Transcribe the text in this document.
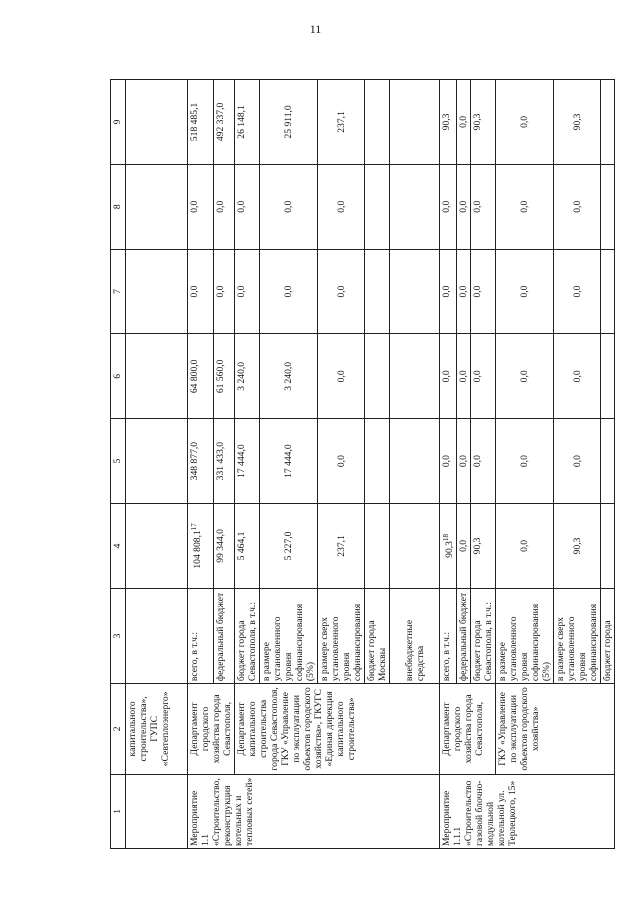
11
1	2	3	4	5	6	7	8	9
	капитального строительства», ГУПС «Севтеплоэнерго»							
Мероприятие 1.1 «Строительство, реконструкция котельных и тепловых сетей»	Департамент городского хозяйства города Севастополя,	всего, в т.ч.:	104 808,1$^{17}$	348 877,0	64 800,0	0,0	0,0	518 485,1
		федеральный бюджет	99 344,0	331 433,0	61 560,0	0,0	0,0	492 337,0
	Департамент капитального строительства города Севастополя, ГКУ «Управление по эксплуатации объектов городского хозяйства», ГКУГС «Единая дирекция капитального строительства»	бюджет города Севастополя, в т.ч.:	5 464,1	17 444,0	3 240,0	0,0	0,0	26 148,1
		в размере установленного уровня софинансирования (5%)	5 227,0	17 444,0	3 240,0	0,0	0,0	25 911,0
		в размере сверх установленного уровня софинансирования	237,1	0,0	0,0	0,0	0,0	237,1
		бюджет города Москвы						
		внебюджетные средства						
Мероприятие 1.1.1 «Строительство газовой блочно-модульной котельной ул. Терлецкого, 15»	Департамент городского хозяйства города Севастополя,	всего, в т.ч.:	90,3$^{18}$	0,0	0,0	0,0	0,0	90,3
		федеральный бюджет	0,0	0,0	0,0	0,0	0,0	0,0
		бюджет города Севастополя, в т.ч.:	90,3	0,0	0,0	0,0	0,0	90,3
	ГКУ «Управление по эксплуатации объектов городского хозяйства»	в размере установленного уровня софинансирования (5%)	0,0	0,0	0,0	0,0	0,0	0,0
		в размере сверх установленного уровня софинансирования	90,3	0,0	0,0	0,0	0,0	90,3
		бюджет города						
